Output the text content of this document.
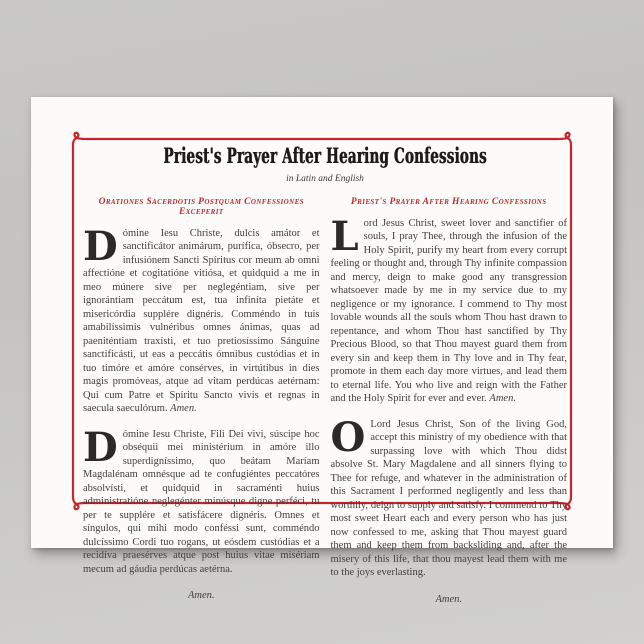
Priest's Prayer After Hearing Confessions
in Latin and English
Orationes Sacerdotis Postquam Confessiones Exceperit

Dómine Iesu Christe, dulcis amátor et sanctificátor animárum, purífica, óbsecro, per infusiónem Sancti Spíritus cor meum ab omni affectióne et cogitatióne vitiósa, et quidquid a me in meo múnere sive per neglegéntiam, sive per ignorántiam peccátum est, tua infiníta pietáte et misericórdia supplére dignéris. Comméndo in tuis amabilíssimis vulnéribus omnes ánimas, quas ad paeniténtiam traxísti, et tuo pretiosíssimo Sánguine sanctificásti, ut eas a peccátis ómnibus custódias et in tuo timóre et amóre consérves, in virtútibus in dies magis promóveas, atque ad vitam perdúcas aetérnam: Qui cum Patre et Spíritu Sancto vivis et regnas in saecula saeculórum. Amen.

Dómine Iesu Christe, Fili Dei vivi, súscipe hoc obséquii mei ministérium in amóre illo superdigníssimo, quo beátam Maríam Magdalénam omnésque ad te confugiéntes peccatóres absolvísti, et quidquid in sacraménti huius administratióne neglegénter minúsque digne perféci, tu per te supplére et satisfácere dignéris. Omnes et síngulos, qui mihi modo conféssi sunt, comméndo dulcíssimo Cordi tuo rogans, ut eósdem custódias et a recidíva praesérves atque post huius vitae misériam mecum ad gáudia perdúcas aetérna.

Amen.
Priest's Prayer After Hearing Confessions

Lord Jesus Christ, sweet lover and sanctifier of souls, I pray Thee, through the infusion of the Holy Spirit, purify my heart from every corrupt feeling or thought and, through Thy infinite compassion and mercy, deign to make good any transgression whatsoever made by me in my service due to my negligence or my ignorance. I commend to Thy most lovable wounds all the souls whom Thou hast drawn to repentance, and whom Thou hast sanctified by Thy Precious Blood, so that Thou mayest guard them from every sin and keep them in Thy love and in Thy fear, promote in them each day more virtues, and lead them to eternal life. You who live and reign with the Father and the Holy Spirit for ever and ever. Amen.

O Lord Jesus Christ, Son of the living God, accept this ministry of my obedience with that surpassing love with which Thou didst absolve St. Mary Magdalene and all sinners flying to Thee for refuge, and whatever in the administration of this Sacrament I performed negligently and less than worthily, deign to supply and satisfy. I commend to Thy most sweet Heart each and every person who has just now confessed to me, asking that Thou mayest guard them and keep them from backsliding and, after the misery of this life, that thou mayest lead them with me to the joys everlasting.

Amen.
